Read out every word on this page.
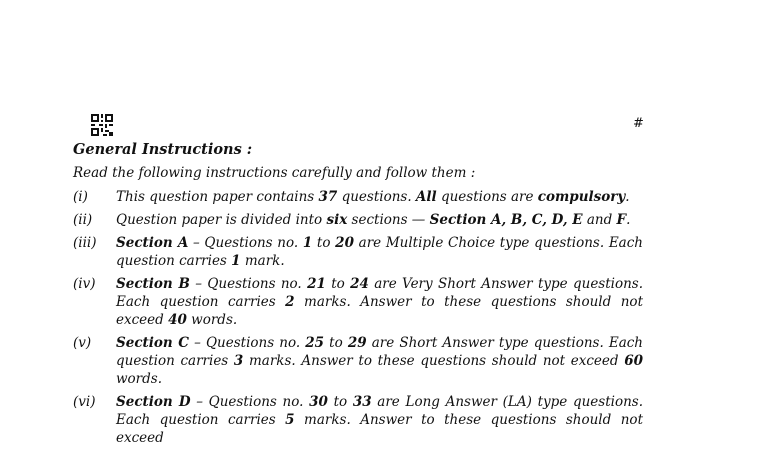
#
General Instructions :
Read the following instructions carefully and follow them :
(i) This question paper contains 37 questions. All questions are compulsory.
(ii) Question paper is divided into six sections — Section A, B, C, D, E and F.
(iii) Section A – Questions no. 1 to 20 are Multiple Choice type questions. Each question carries 1 mark.
(iv) Section B – Questions no. 21 to 24 are Very Short Answer type questions. Each question carries 2 marks. Answer to these questions should not exceed 40 words.
(v) Section C – Questions no. 25 to 29 are Short Answer type questions. Each question carries 3 marks. Answer to these questions should not exceed 60 words.
(vi) Section D – Questions no. 30 to 33 are Long Answer (LA) type questions. Each question carries 5 marks. Answer to these questions should not exceed
